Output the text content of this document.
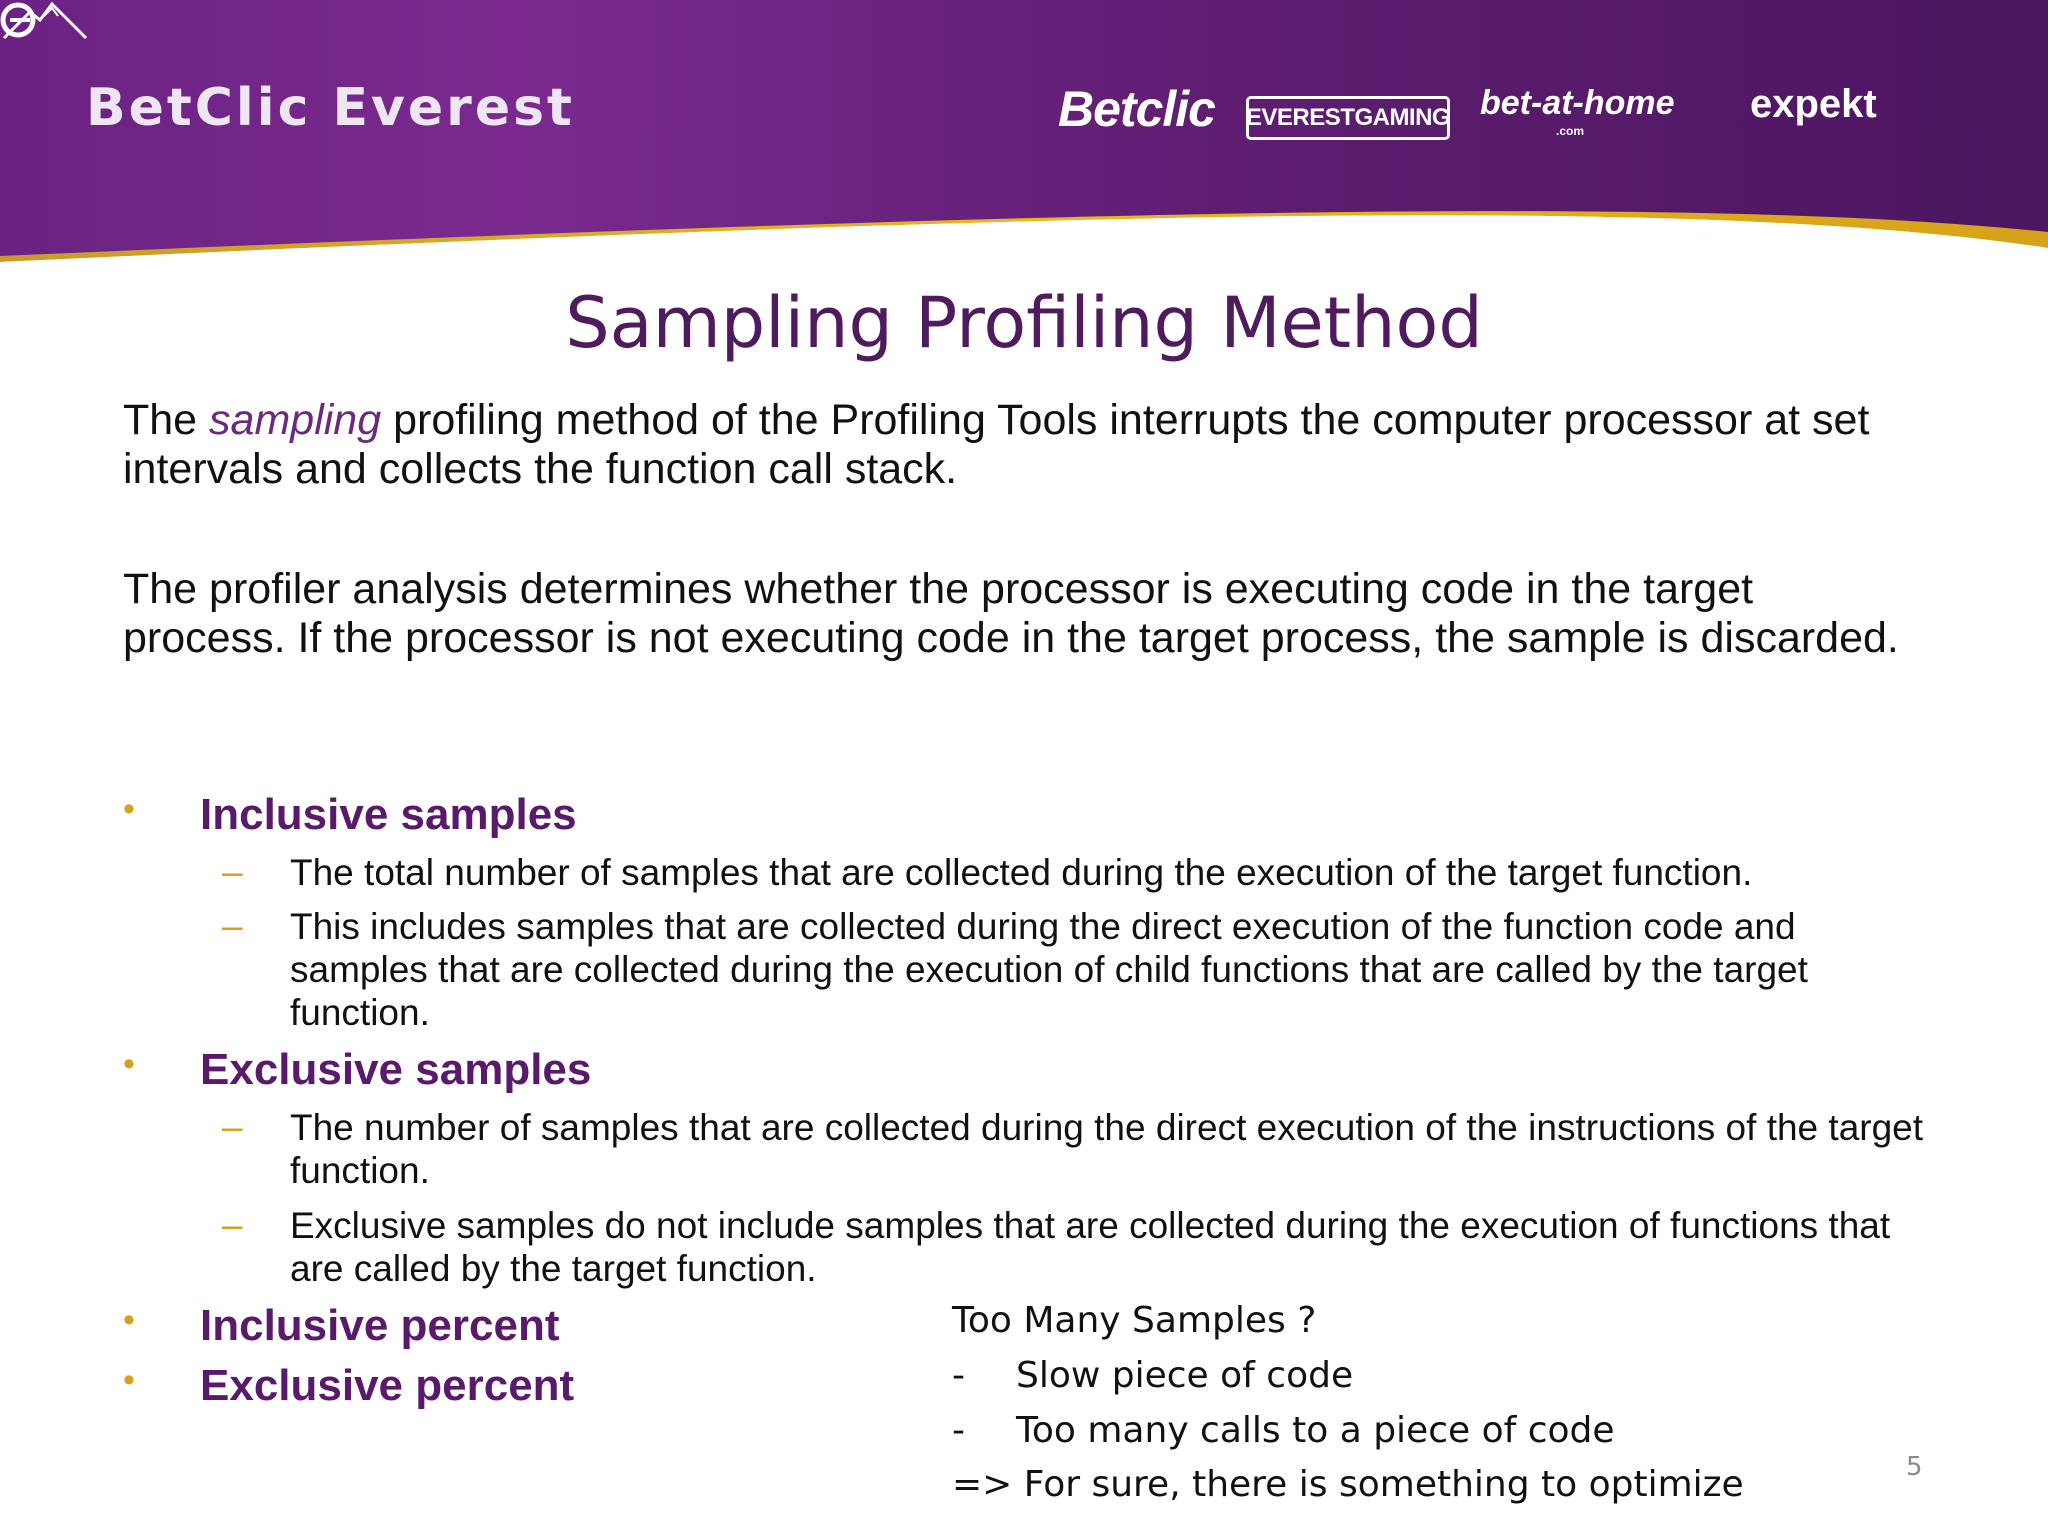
BetClic Everest	Betclic EVERESTGAMING bet-at-home
.com
expekt
Sampling Profiling Method
The sampling profiling method of the Profiling Tools interrupts the computer processor at set intervals and collects the function call stack.
The profiler analysis determines whether the processor is executing code in the target process. If the processor is not executing code in the target process, the sample is discarded.
• Inclusive samples
– The total number of samples that are collected during the execution of the target function.
– This includes samples that are collected during the direct execution of the function code and samples that are collected during the execution of child functions that are called by the target function.
• Exclusive samples
– The number of samples that are collected during the direct execution of the instructions of the target function.
– Exclusive samples do not include samples that are collected during the execution of functions that are called by the target function.
• Inclusive percent
• Exclusive percent
Too Many Samples ?
- Slow piece of code
- Too many calls to a piece of code
=> For sure, there is something to optimize	5
